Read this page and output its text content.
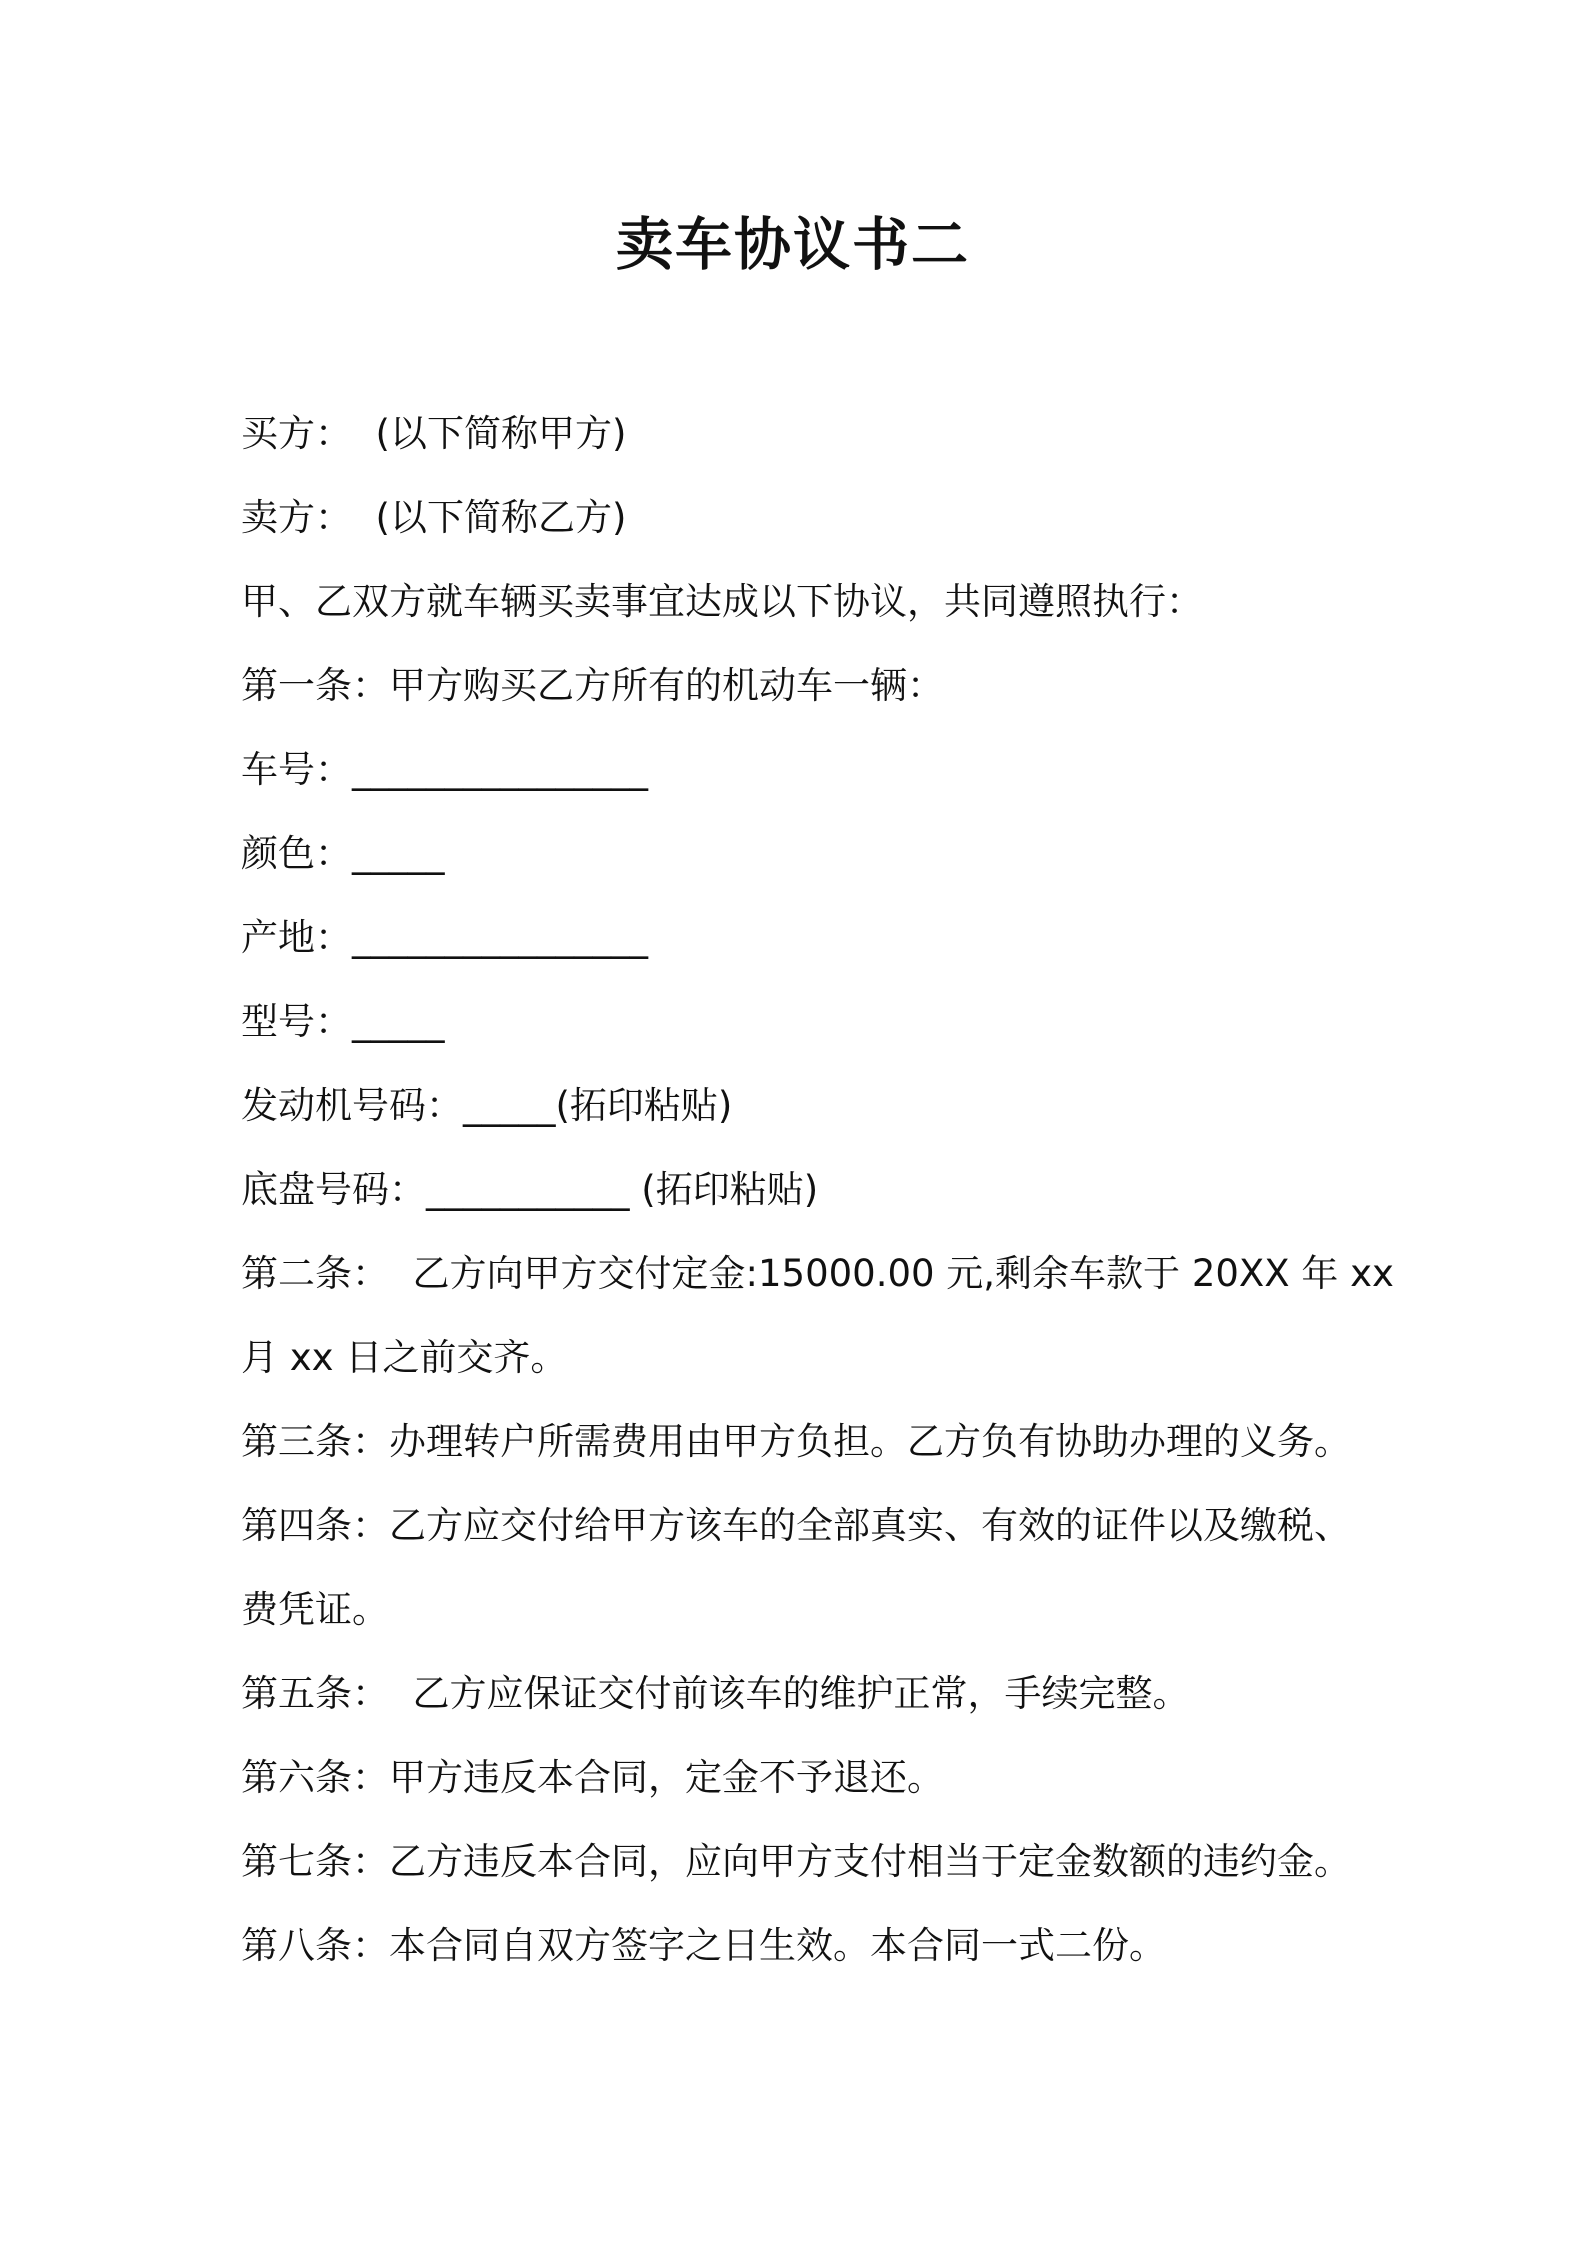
卖车协议书二
买方：  (以下简称甲方)
卖方：  (以下简称乙方)
甲、乙双方就车辆买卖事宜达成以下协议，共同遵照执行：
第一条：甲方购买乙方所有的机动车一辆：
车号：________________
颜色：_____
产地：________________
型号：_____
发动机号码：_____(拓印粘贴)
底盘号码：___________ (拓印粘贴)
第二条：  乙方向甲方交付定金:15000.00 元,剩余车款于 20XX 年 xx
月 xx 日之前交齐。
第三条：办理转户所需费用由甲方负担。乙方负有协助办理的义务。
第四条：乙方应交付给甲方该车的全部真实、有效的证件以及缴税、
费凭证。
第五条：  乙方应保证交付前该车的维护正常，手续完整。
第六条：甲方违反本合同，定金不予退还。
第七条：乙方违反本合同，应向甲方支付相当于定金数额的违约金。
第八条：本合同自双方签字之日生效。本合同一式二份。
